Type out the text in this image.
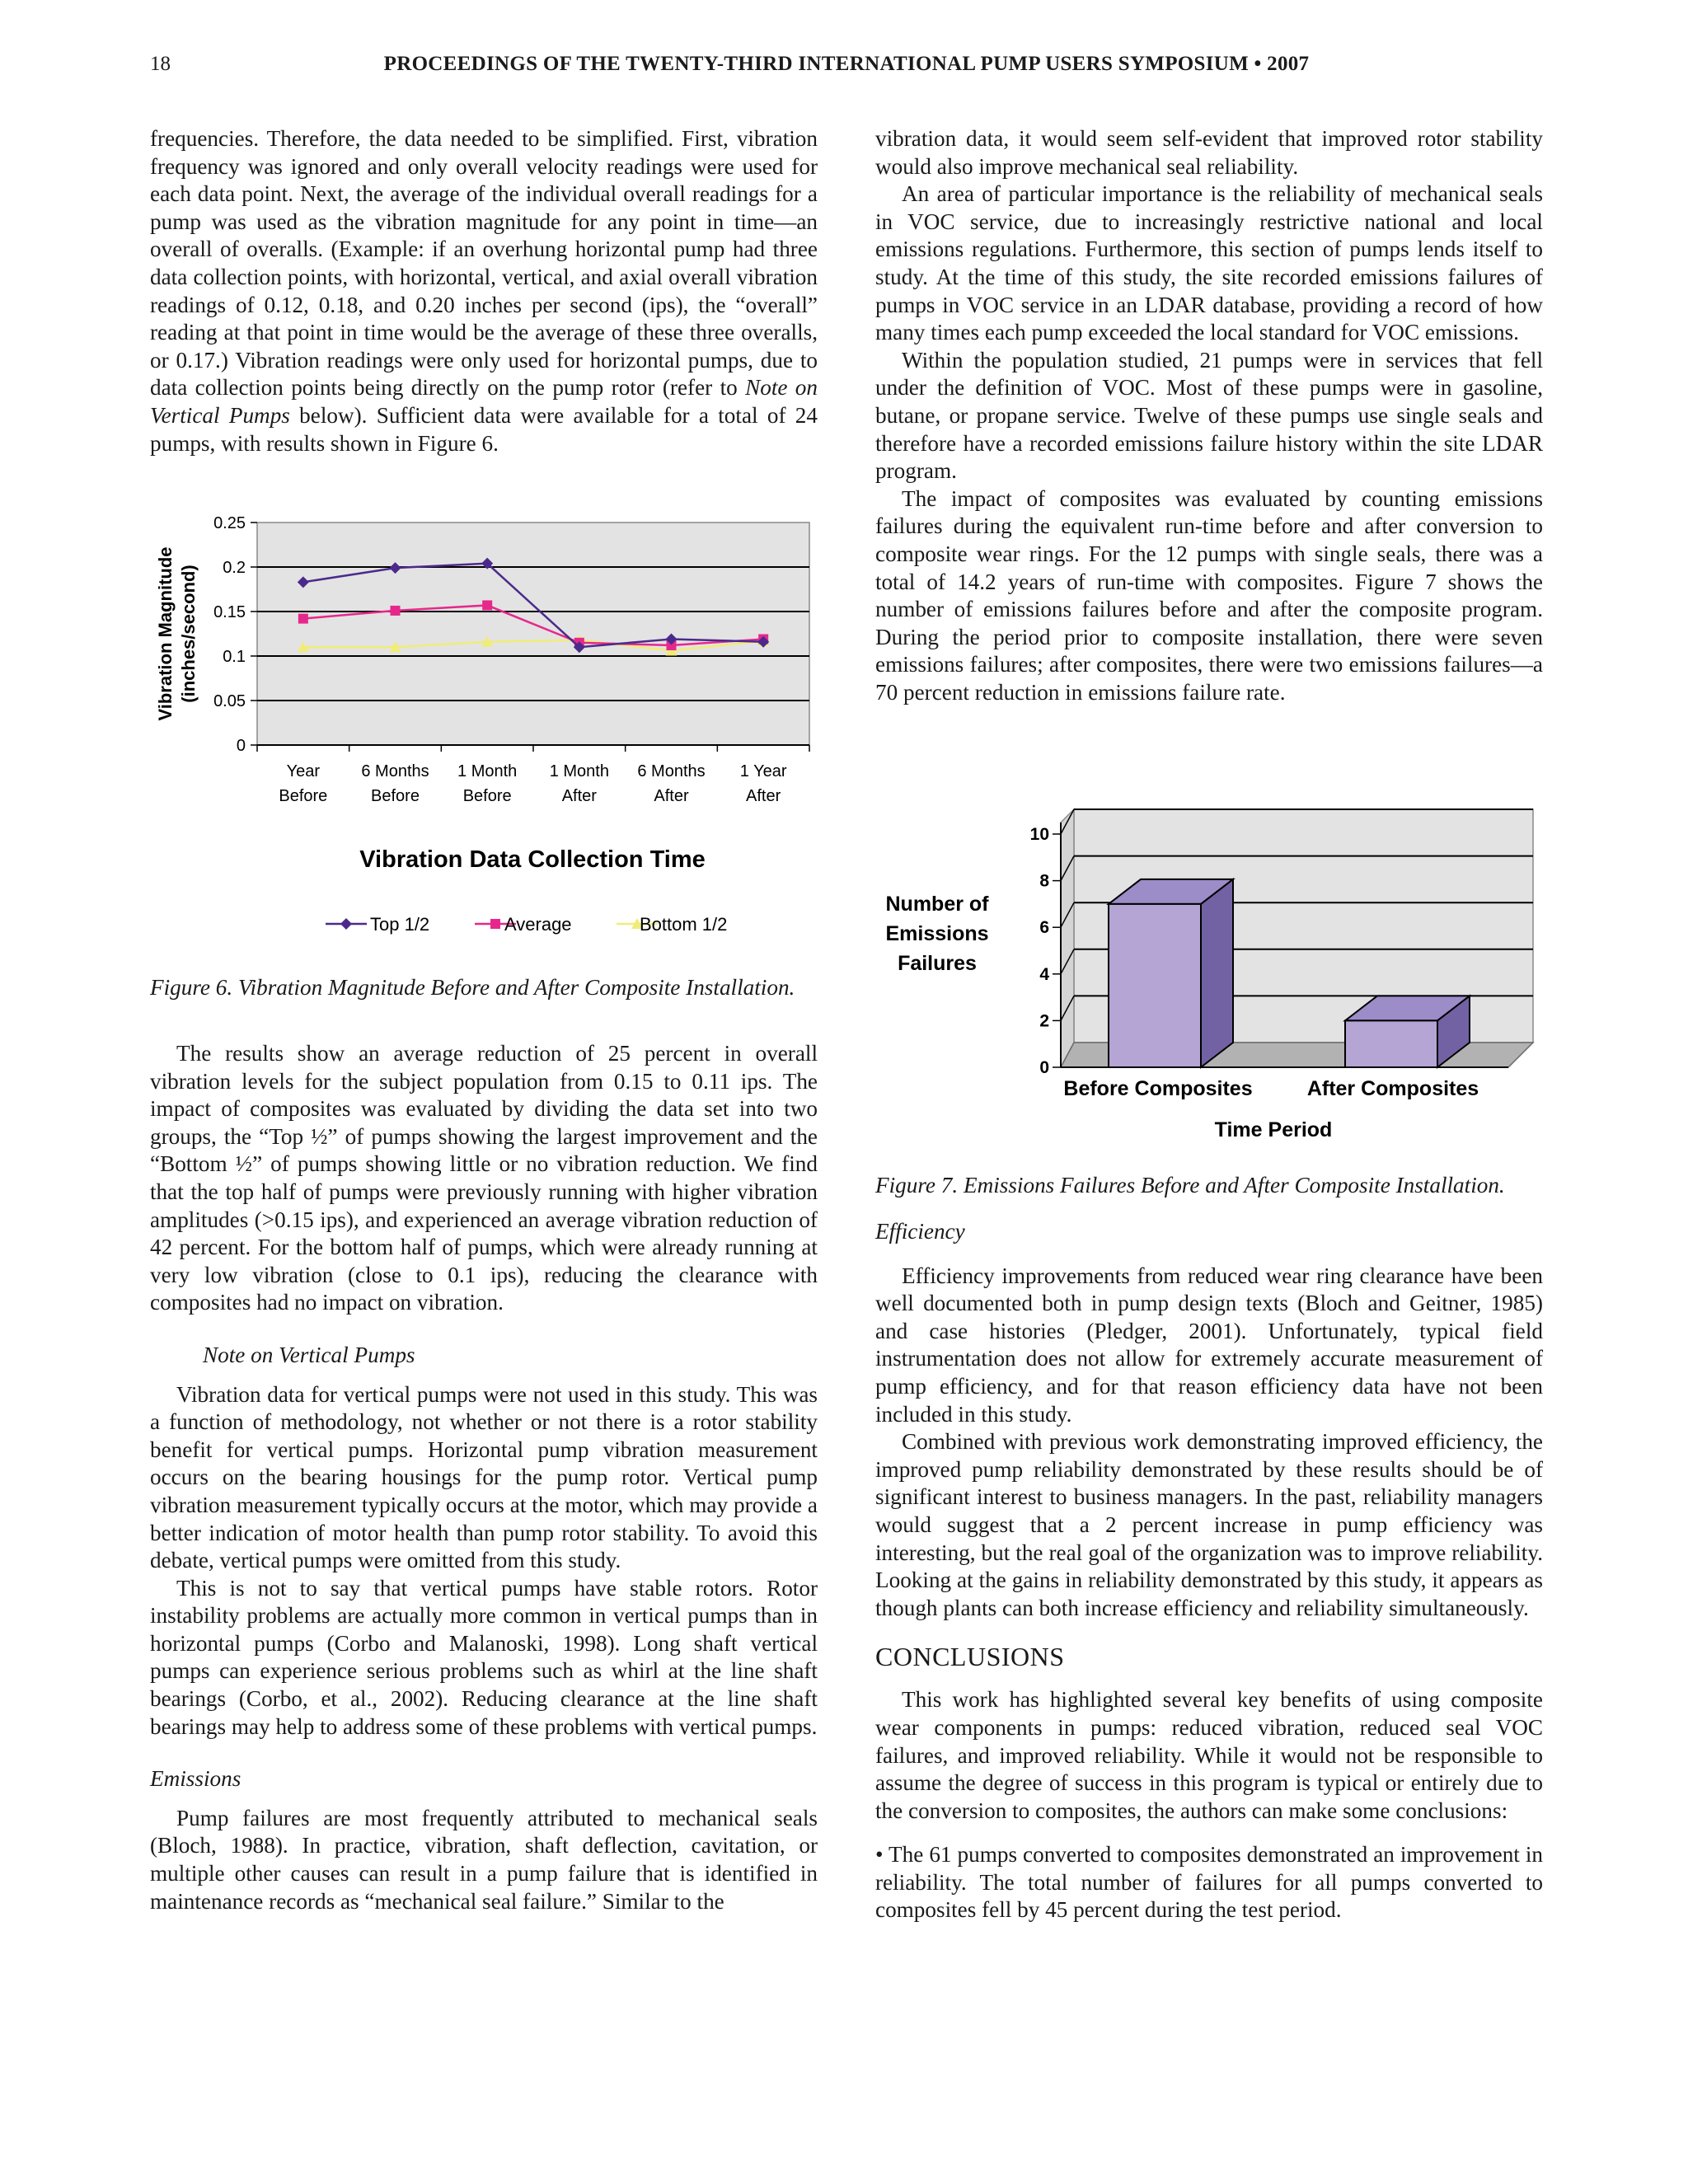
18	PROCEEDINGS OF THE TWENTY-THIRD INTERNATIONAL PUMP USERS SYMPOSIUM • 2007

frequencies. Therefore, the data needed to be simplified. First, vibration frequency was ignored and only overall velocity readings were used for each data point. Next, the average of the individual overall readings for a pump was used as the vibration magnitude for any point in time—an overall of overalls. (Example: if an overhung horizontal pump had three data collection points, with horizontal, vertical, and axial overall vibration readings of 0.12, 0.18, and 0.20 inches per second (ips), the “overall” reading at that point in time would be the average of these three overalls, or 0.17.) Vibration readings were only used for horizontal pumps, due to data collection points being directly on the pump rotor (refer to Note on Vertical Pumps below). Sufficient data were available for a total of 24 pumps, with results shown in Figure 6.

0
0.05
0.1
0.15
0.2
0.25
Year
Before
6 Months
Before
1 Month
Before
1 Month
After
6 Months
After
1 Year
After
Vibration Magnitude (inches/second)
Vibration Data Collection Time
Top 1/2	Average	Bottom 1/2

Figure 6. Vibration Magnitude Before and After Composite Installation.

The results show an average reduction of 25 percent in overall vibration levels for the subject population from 0.15 to 0.11 ips. The impact of composites was evaluated by dividing the data set into two groups, the “Top ½” of pumps showing the largest improvement and the “Bottom ½” of pumps showing little or no vibration reduction. We find that the top half of pumps were previously running with higher vibration amplitudes (>0.15 ips), and experienced an average vibration reduction of 42 percent. For the bottom half of pumps, which were already running at very low vibration (close to 0.1 ips), reducing the clearance with composites had no impact on vibration.

Note on Vertical Pumps

Vibration data for vertical pumps were not used in this study. This was a function of methodology, not whether or not there is a rotor stability benefit for vertical pumps. Horizontal pump vibration measurement occurs on the bearing housings for the pump rotor. Vertical pump vibration measurement typically occurs at the motor, which may provide a better indication of motor health than pump rotor stability. To avoid this debate, vertical pumps were omitted from this study.

This is not to say that vertical pumps have stable rotors. Rotor instability problems are actually more common in vertical pumps than in horizontal pumps (Corbo and Malanoski, 1998). Long shaft vertical pumps can experience serious problems such as whirl at the line shaft bearings (Corbo, et al., 2002). Reducing clearance at the line shaft bearings may help to address some of these problems with vertical pumps.

Emissions

Pump failures are most frequently attributed to mechanical seals (Bloch, 1988). In practice, vibration, shaft deflection, cavitation, or multiple other causes can result in a pump failure that is identified in maintenance records as “mechanical seal failure.” Similar to the

vibration data, it would seem self-evident that improved rotor stability would also improve mechanical seal reliability.

An area of particular importance is the reliability of mechanical seals in VOC service, due to increasingly restrictive national and local emissions regulations. Furthermore, this section of pumps lends itself to study. At the time of this study, the site recorded emissions failures of pumps in VOC service in an LDAR database, providing a record of how many times each pump exceeded the local standard for VOC emissions.

Within the population studied, 21 pumps were in services that fell under the definition of VOC. Most of these pumps were in gasoline, butane, or propane service. Twelve of these pumps use single seals and therefore have a recorded emissions failure history within the site LDAR program.

The impact of composites was evaluated by counting emissions failures during the equivalent run-time before and after conversion to composite wear rings. For the 12 pumps with single seals, there was a total of 14.2 years of run-time with composites. Figure 7 shows the number of emissions failures before and after the composite program. During the period prior to composite installation, there were seven emissions failures; after composites, there were two emissions failures—a 70 percent reduction in emissions failure rate.

0
2
4
6
8
10
Before Composites	After Composites
Time Period
Number of
Emissions
Failures

Figure 7. Emissions Failures Before and After Composite Installation.

Efficiency

Efficiency improvements from reduced wear ring clearance have been well documented both in pump design texts (Bloch and Geitner, 1985) and case histories (Pledger, 2001). Unfortunately, typical field instrumentation does not allow for extremely accurate measurement of pump efficiency, and for that reason efficiency data have not been included in this study.

Combined with previous work demonstrating improved efficiency, the improved pump reliability demonstrated by these results should be of significant interest to business managers. In the past, reliability managers would suggest that a 2 percent increase in pump efficiency was interesting, but the real goal of the organization was to improve reliability. Looking at the gains in reliability demonstrated by this study, it appears as though plants can both increase efficiency and reliability simultaneously.

CONCLUSIONS

This work has highlighted several key benefits of using composite wear components in pumps: reduced vibration, reduced seal VOC failures, and improved reliability. While it would not be responsible to assume the degree of success in this program is typical or entirely due to the conversion to composites, the authors can make some conclusions:

• The 61 pumps converted to composites demonstrated an improvement in reliability. The total number of failures for all pumps converted to composites fell by 45 percent during the test period.
